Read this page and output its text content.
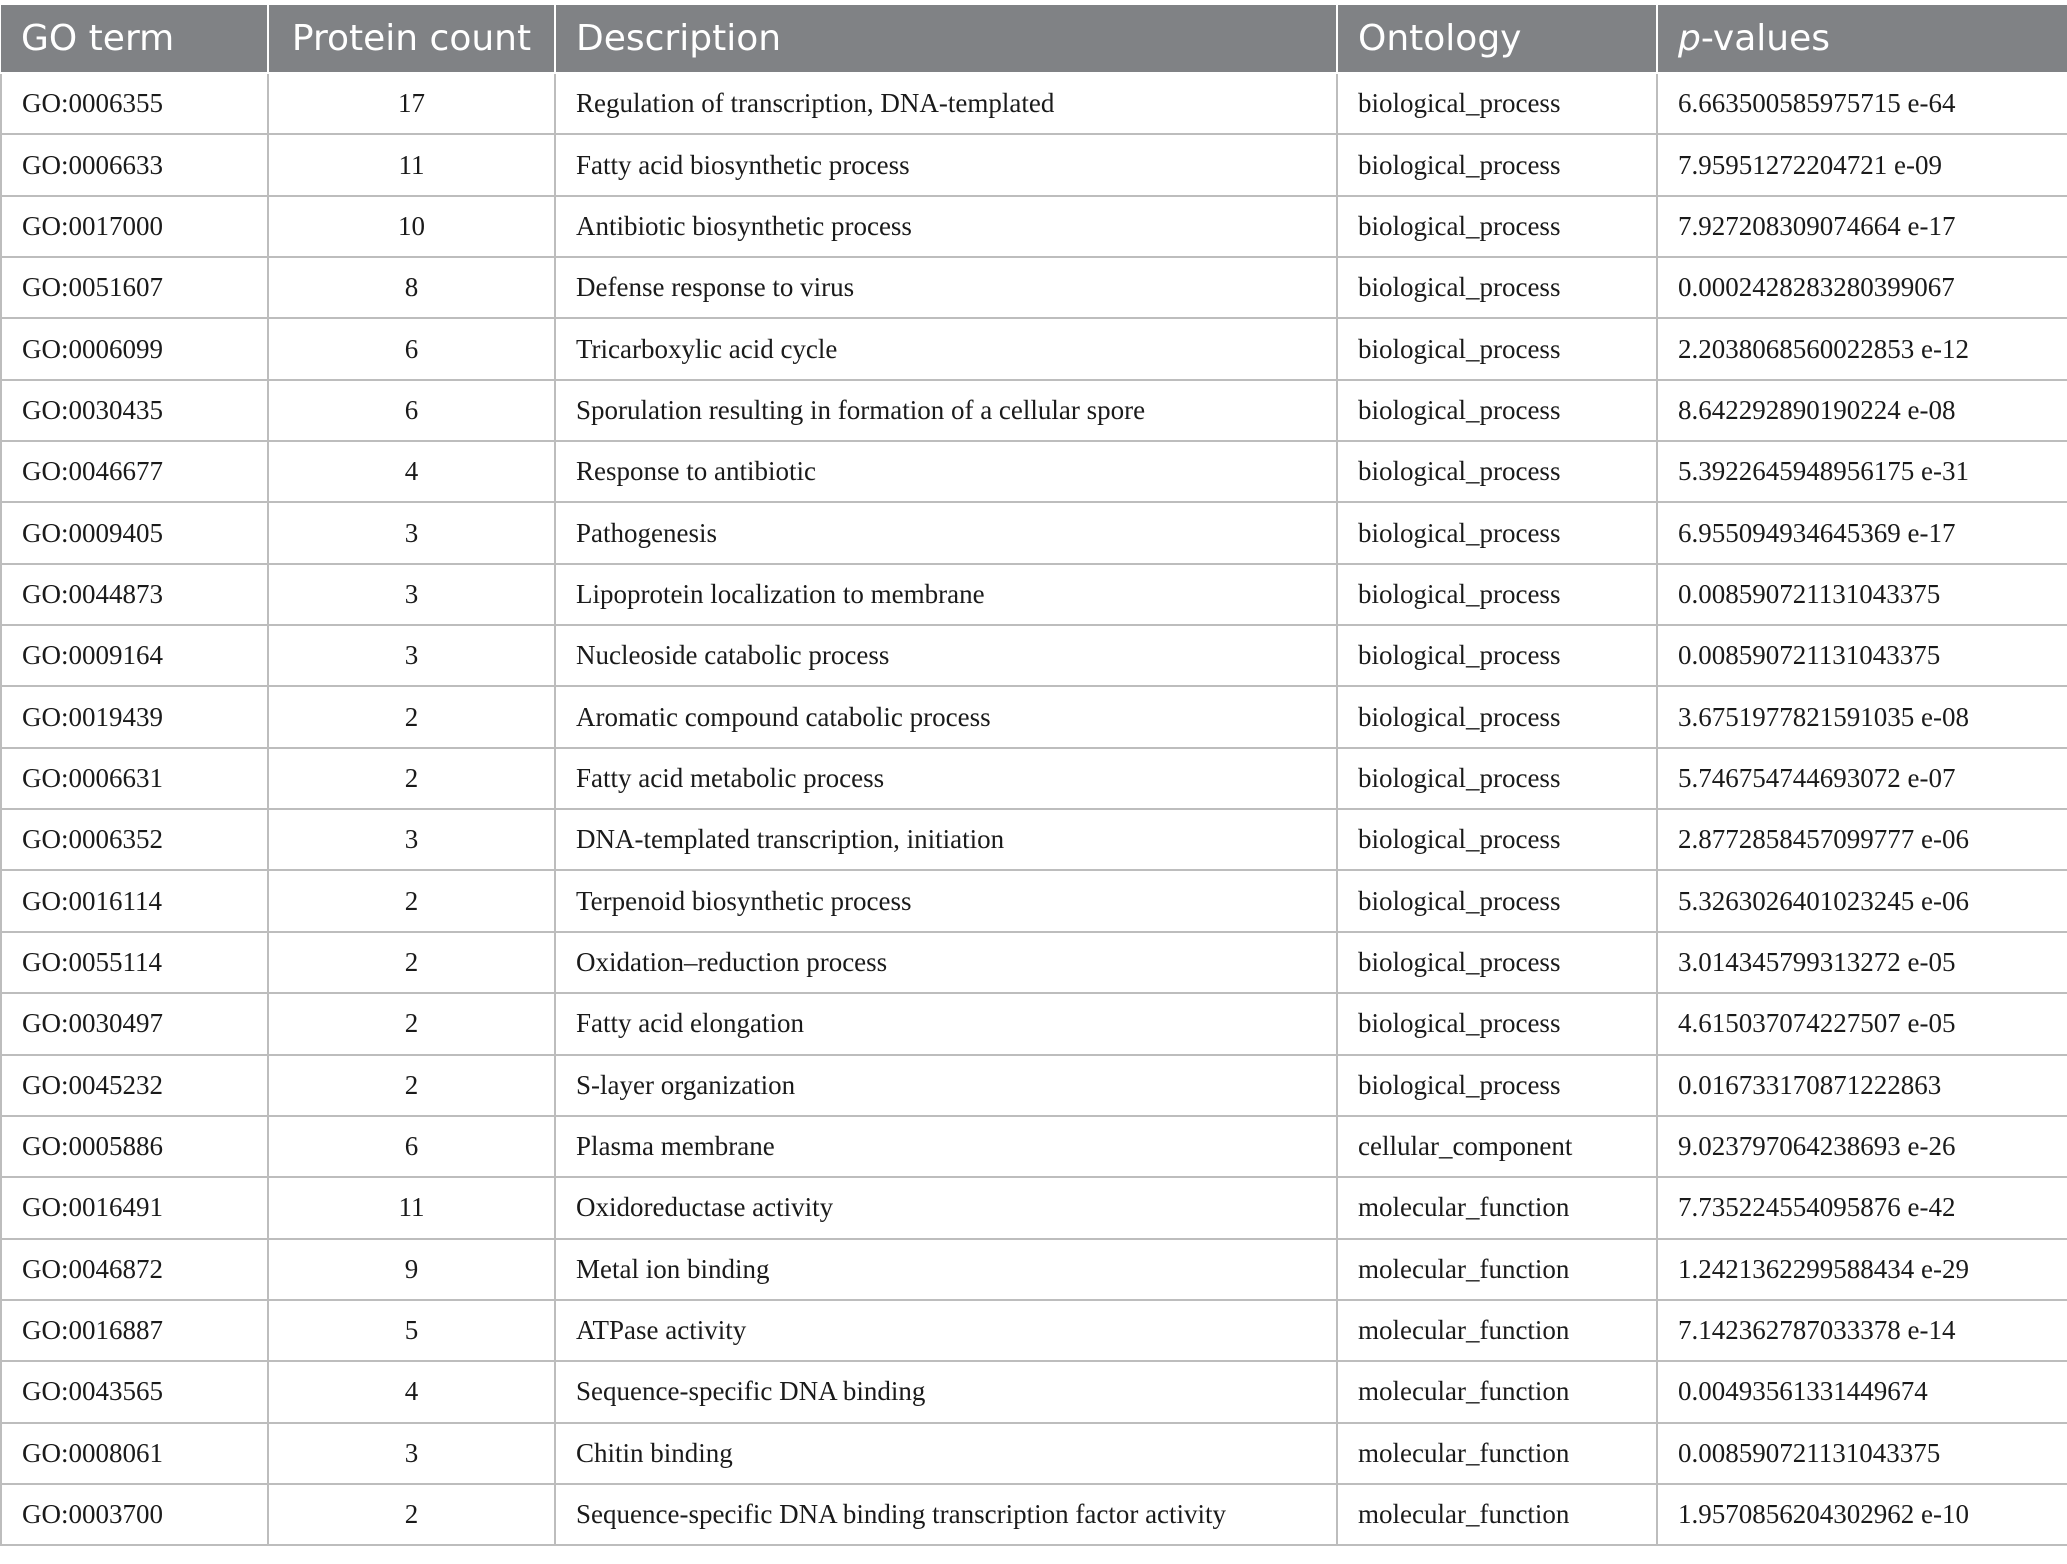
GO term	Protein count	Description	Ontology	p-values
GO:0006355	17	Regulation of transcription, DNA-templated	biological_process	6.663500585975715 e-64
GO:0006633	11	Fatty acid biosynthetic process	biological_process	7.95951272204721 e-09
GO:0017000	10	Antibiotic biosynthetic process	biological_process	7.927208309074664 e-17
GO:0051607	8	Defense response to virus	biological_process	0.0002428283280399067
GO:0006099	6	Tricarboxylic acid cycle	biological_process	2.2038068560022853 e-12
GO:0030435	6	Sporulation resulting in formation of a cellular spore	biological_process	8.642292890190224 e-08
GO:0046677	4	Response to antibiotic	biological_process	5.3922645948956175 e-31
GO:0009405	3	Pathogenesis	biological_process	6.955094934645369 e-17
GO:0044873	3	Lipoprotein localization to membrane	biological_process	0.008590721131043375
GO:0009164	3	Nucleoside catabolic process	biological_process	0.008590721131043375
GO:0019439	2	Aromatic compound catabolic process	biological_process	3.6751977821591035 e-08
GO:0006631	2	Fatty acid metabolic process	biological_process	5.746754744693072 e-07
GO:0006352	3	DNA-templated transcription, initiation	biological_process	2.8772858457099777 e-06
GO:0016114	2	Terpenoid biosynthetic process	biological_process	5.3263026401023245 e-06
GO:0055114	2	Oxidation–reduction process	biological_process	3.014345799313272 e-05
GO:0030497	2	Fatty acid elongation	biological_process	4.615037074227507 e-05
GO:0045232	2	S-layer organization	biological_process	0.016733170871222863
GO:0005886	6	Plasma membrane	cellular_component	9.023797064238693 e-26
GO:0016491	11	Oxidoreductase activity	molecular_function	7.735224554095876 e-42
GO:0046872	9	Metal ion binding	molecular_function	1.2421362299588434 e-29
GO:0016887	5	ATPase activity	molecular_function	7.142362787033378 e-14
GO:0043565	4	Sequence-specific DNA binding	molecular_function	0.00493561331449674
GO:0008061	3	Chitin binding	molecular_function	0.008590721131043375
GO:0003700	2	Sequence-specific DNA binding transcription factor activity	molecular_function	1.9570856204302962 e-10
